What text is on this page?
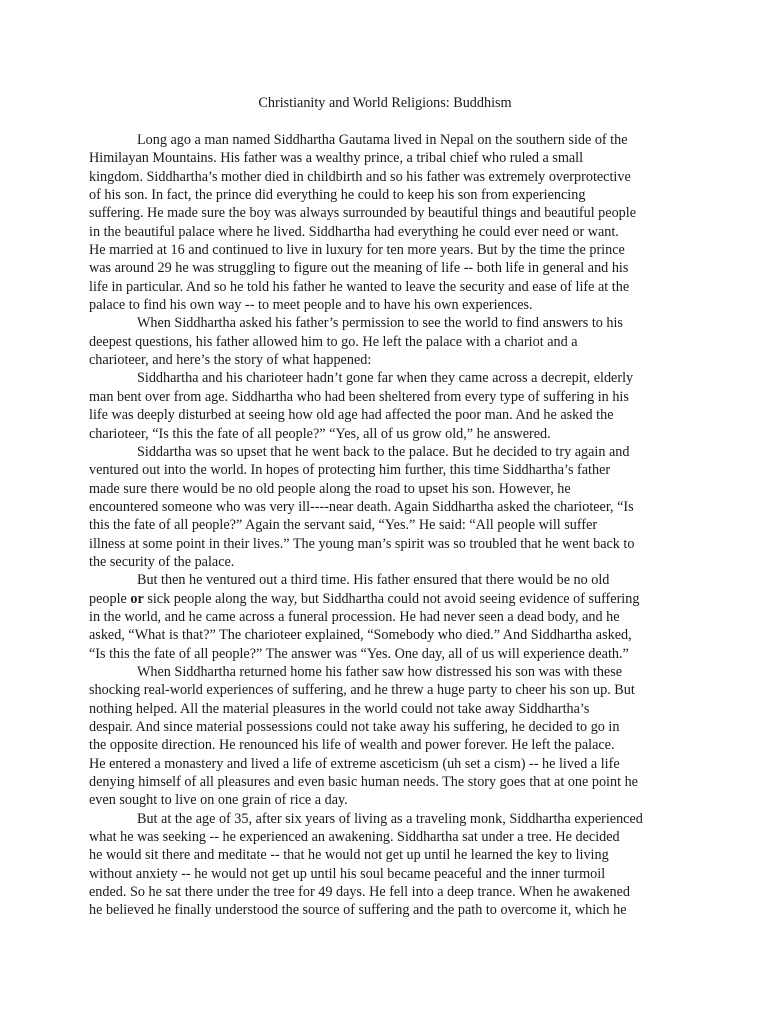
Christianity and World Religions: Buddhism
Long ago a man named Siddhartha Gautama lived in Nepal on the southern side of the
Himilayan Mountains. His father was a wealthy prince, a tribal chief who ruled a small
kingdom. Siddhartha’s mother died in childbirth and so his father was extremely overprotective
of his son. In fact, the prince did everything he could to keep his son from experiencing
suffering. He made sure the boy was always surrounded by beautiful things and beautiful people
in the beautiful palace where he lived. Siddhartha had everything he could ever need or want.
He married at 16 and continued to live in luxury for ten more years. But by the time the prince
was around 29 he was struggling to figure out the meaning of life -- both life in general and his
life in particular. And so he told his father he wanted to leave the security and ease of life at the
palace to find his own way -- to meet people and to have his own experiences.
When Siddhartha asked his father’s permission to see the world to find answers to his
deepest questions, his father allowed him to go. He left the palace with a chariot and a
charioteer, and here’s the story of what happened:
Siddhartha and his charioteer hadn’t gone far when they came across a decrepit, elderly
man bent over from age. Siddhartha who had been sheltered from every type of suffering in his
life was deeply disturbed at seeing how old age had affected the poor man. And he asked the
charioteer, “Is this the fate of all people?” “Yes, all of us grow old,” he answered.
Siddartha was so upset that he went back to the palace. But he decided to try again and
ventured out into the world. In hopes of protecting him further, this time Siddhartha’s father
made sure there would be no old people along the road to upset his son. However, he
encountered someone who was very ill----near death. Again Siddhartha asked the charioteer, “Is
this the fate of all people?” Again the servant said, “Yes.” He said: “All people will suffer
illness at some point in their lives.” The young man’s spirit was so troubled that he went back to
the security of the palace.
But then he ventured out a third time. His father ensured that there would be no old
people or sick people along the way, but Siddhartha could not avoid seeing evidence of suffering
in the world, and he came across a funeral procession. He had never seen a dead body, and he
asked, “What is that?” The charioteer explained, “Somebody who died.” And Siddhartha asked,
“Is this the fate of all people?” The answer was “Yes. One day, all of us will experience death.”
When Siddhartha returned home his father saw how distressed his son was with these
shocking real-world experiences of suffering, and he threw a huge party to cheer his son up. But
nothing helped. All the material pleasures in the world could not take away Siddhartha’s
despair. And since material possessions could not take away his suffering, he decided to go in
the opposite direction. He renounced his life of wealth and power forever. He left the palace.
He entered a monastery and lived a life of extreme asceticism (uh set a cism) -- he lived a life
denying himself of all pleasures and even basic human needs. The story goes that at one point he
even sought to live on one grain of rice a day.
But at the age of 35, after six years of living as a traveling monk, Siddhartha experienced
what he was seeking -- he experienced an awakening. Siddhartha sat under a tree. He decided
he would sit there and meditate -- that he would not get up until he learned the key to living
without anxiety -- he would not get up until his soul became peaceful and the inner turmoil
ended. So he sat there under the tree for 49 days. He fell into a deep trance. When he awakened
he believed he finally understood the source of suffering and the path to overcome it, which he
